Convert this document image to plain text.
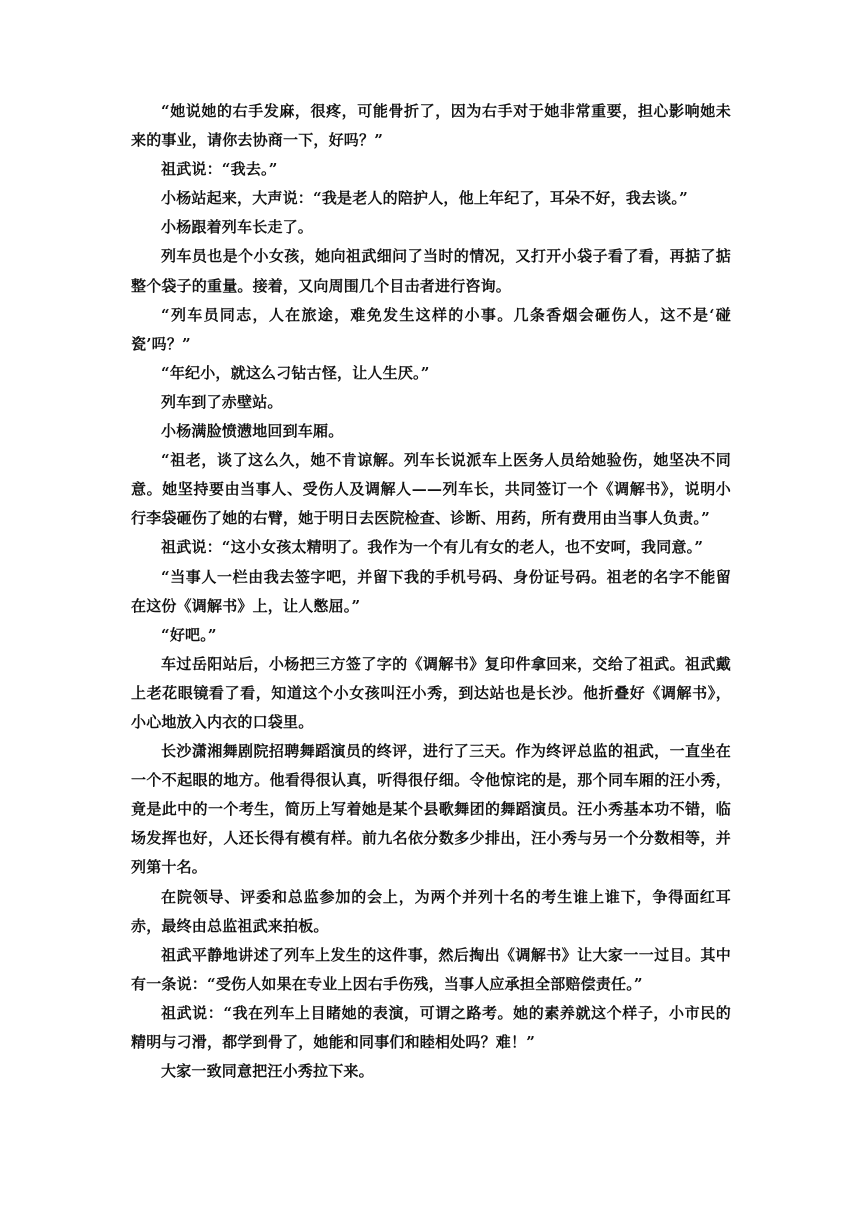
“她说她的右手发麻，很疼，可能骨折了，因为右手对于她非常重要，担心影响她未来的事业，请你去协商一下，好吗？”

祖武说：“我去。”

小杨站起来，大声说：“我是老人的陪护人，他上年纪了，耳朵不好，我去谈。”

小杨跟着列车长走了。

列车员也是个小女孩，她向祖武细问了当时的情况，又打开小袋子看了看，再掂了掂整个袋子的重量。接着，又向周围几个目击者进行咨询。

“列车员同志，人在旅途，难免发生这样的小事。几条香烟会砸伤人，这不是‘碰瓷’吗？”

“年纪小，就这么刁钻古怪，让人生厌。”

列车到了赤壁站。

小杨满脸愤懑地回到车厢。

“祖老，谈了这么久，她不肯谅解。列车长说派车上医务人员给她验伤，她坚决不同意。她坚持要由当事人、受伤人及调解人——列车长，共同签订一个《调解书》，说明小行李袋砸伤了她的右臂，她于明日去医院检查、诊断、用药，所有费用由当事人负责。”

祖武说：“这小女孩太精明了。我作为一个有儿有女的老人，也不安呵，我同意。”

“当事人一栏由我去签字吧，并留下我的手机号码、身份证号码。祖老的名字不能留在这份《调解书》上，让人憋屈。”

“好吧。”

车过岳阳站后，小杨把三方签了字的《调解书》复印件拿回来，交给了祖武。祖武戴上老花眼镜看了看，知道这个小女孩叫汪小秀，到达站也是长沙。他折叠好《调解书》，小心地放入内衣的口袋里。

长沙潇湘舞剧院招聘舞蹈演员的终评，进行了三天。作为终评总监的祖武，一直坐在一个不起眼的地方。他看得很认真，听得很仔细。令他惊诧的是，那个同车厢的汪小秀，竟是此中的一个考生，简历上写着她是某个县歌舞团的舞蹈演员。汪小秀基本功不错，临场发挥也好，人还长得有模有样。前九名依分数多少排出，汪小秀与另一个分数相等，并列第十名。

在院领导、评委和总监参加的会上，为两个并列十名的考生谁上谁下，争得面红耳赤，最终由总监祖武来拍板。

祖武平静地讲述了列车上发生的这件事，然后掏出《调解书》让大家一一过目。其中有一条说：“受伤人如果在专业上因右手伤残，当事人应承担全部赔偿责任。”

祖武说：“我在列车上目睹她的表演，可谓之路考。她的素养就这个样子，小市民的精明与刁滑，都学到骨了，她能和同事们和睦相处吗？难！”

大家一致同意把汪小秀拉下来。
